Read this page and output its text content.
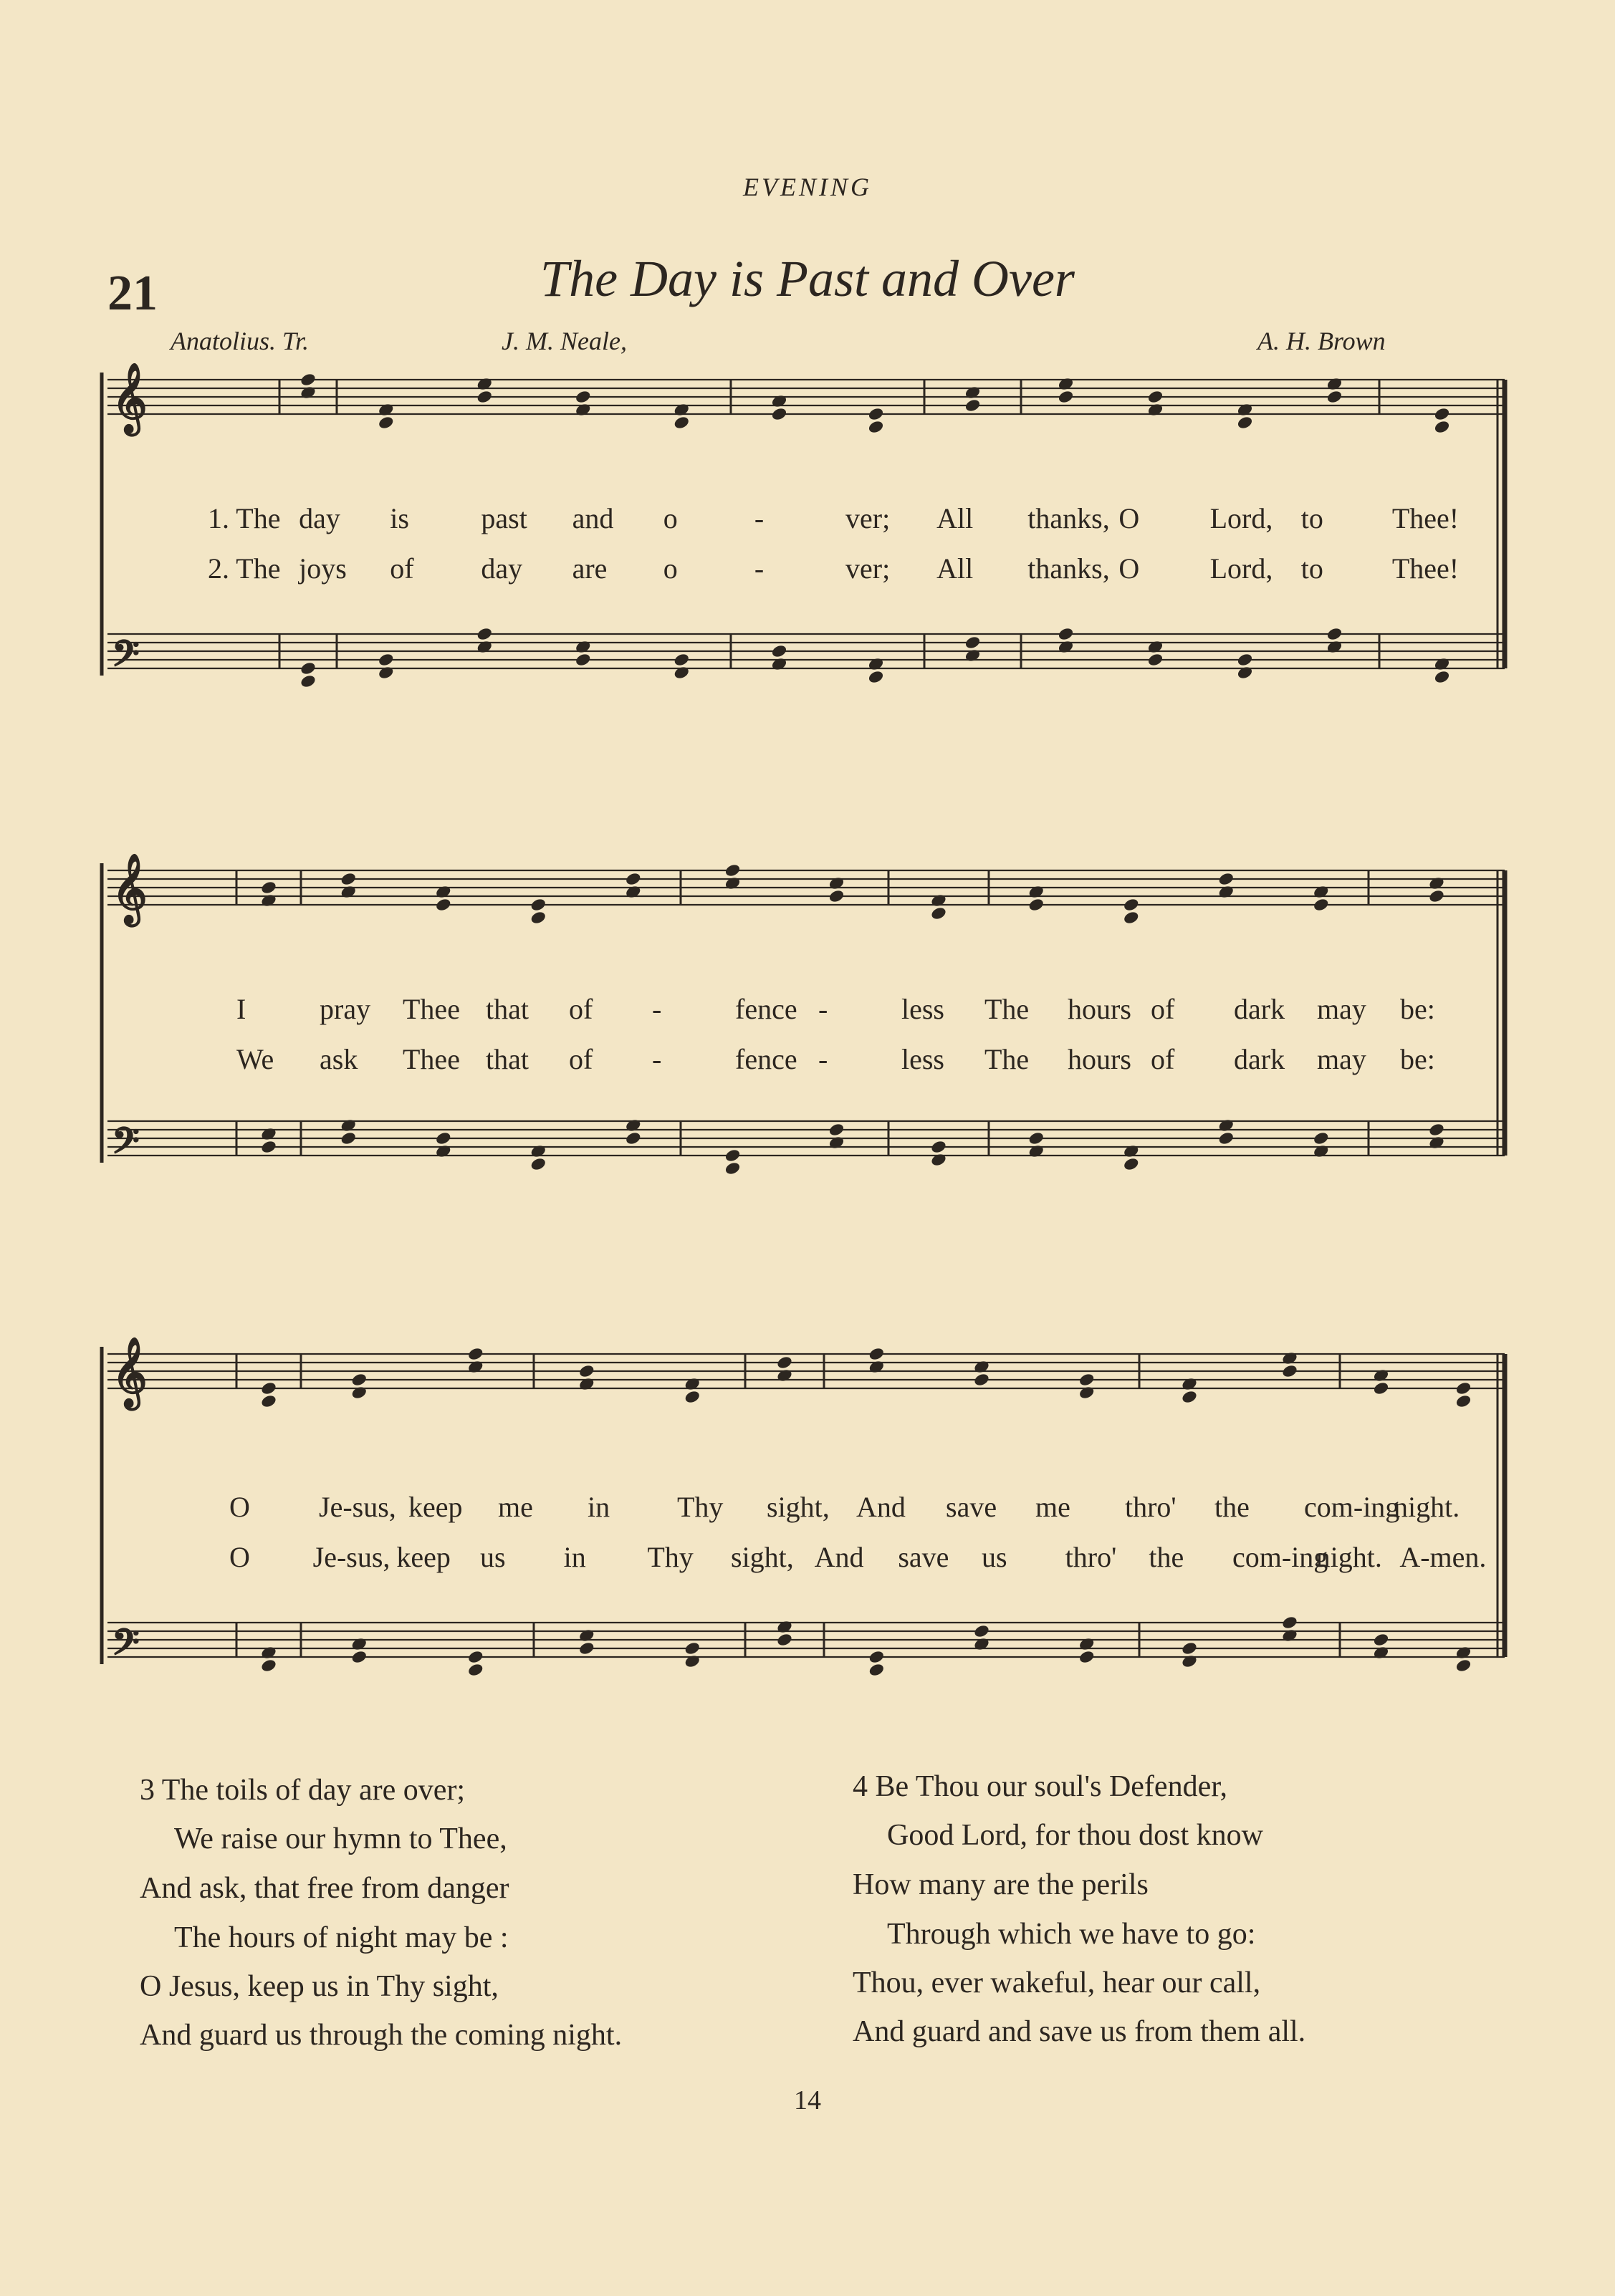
EVENING
21	The Day is Past and Over
Anatolius. Tr.	J. M. Neale,	A. H. Brown
𝄞
𝄢
𝄞
𝄢
𝄞
𝄢
1. The day is	past and o	-	ver; All thanks, O Lord, to Thee!
2. The joys of day are o	-	ver; All thanks, O Lord, to Thee!
I	pray Thee that of -	fence -	less The hours of dark may be:
We ask Thee that of -	fence -	less The hours of dark may be:
O Je-sus, keep me in Thy sight, And save me thro' the com-ing
night.
O Je-sus, keep us in Thy sight, And save us thro' the com-ing
night. A-men.
3 The toils of day are over;
We raise our hymn to Thee,
And ask, that free from danger
The hours of night may be :
O Jesus, keep us in Thy sight,
And guard us through the coming night.
4 Be Thou our soul's Defender,
Good Lord, for thou dost know
How many are the perils
Through which we have to go:
Thou, ever wakeful, hear our call,
And guard and save us from them all.
14
